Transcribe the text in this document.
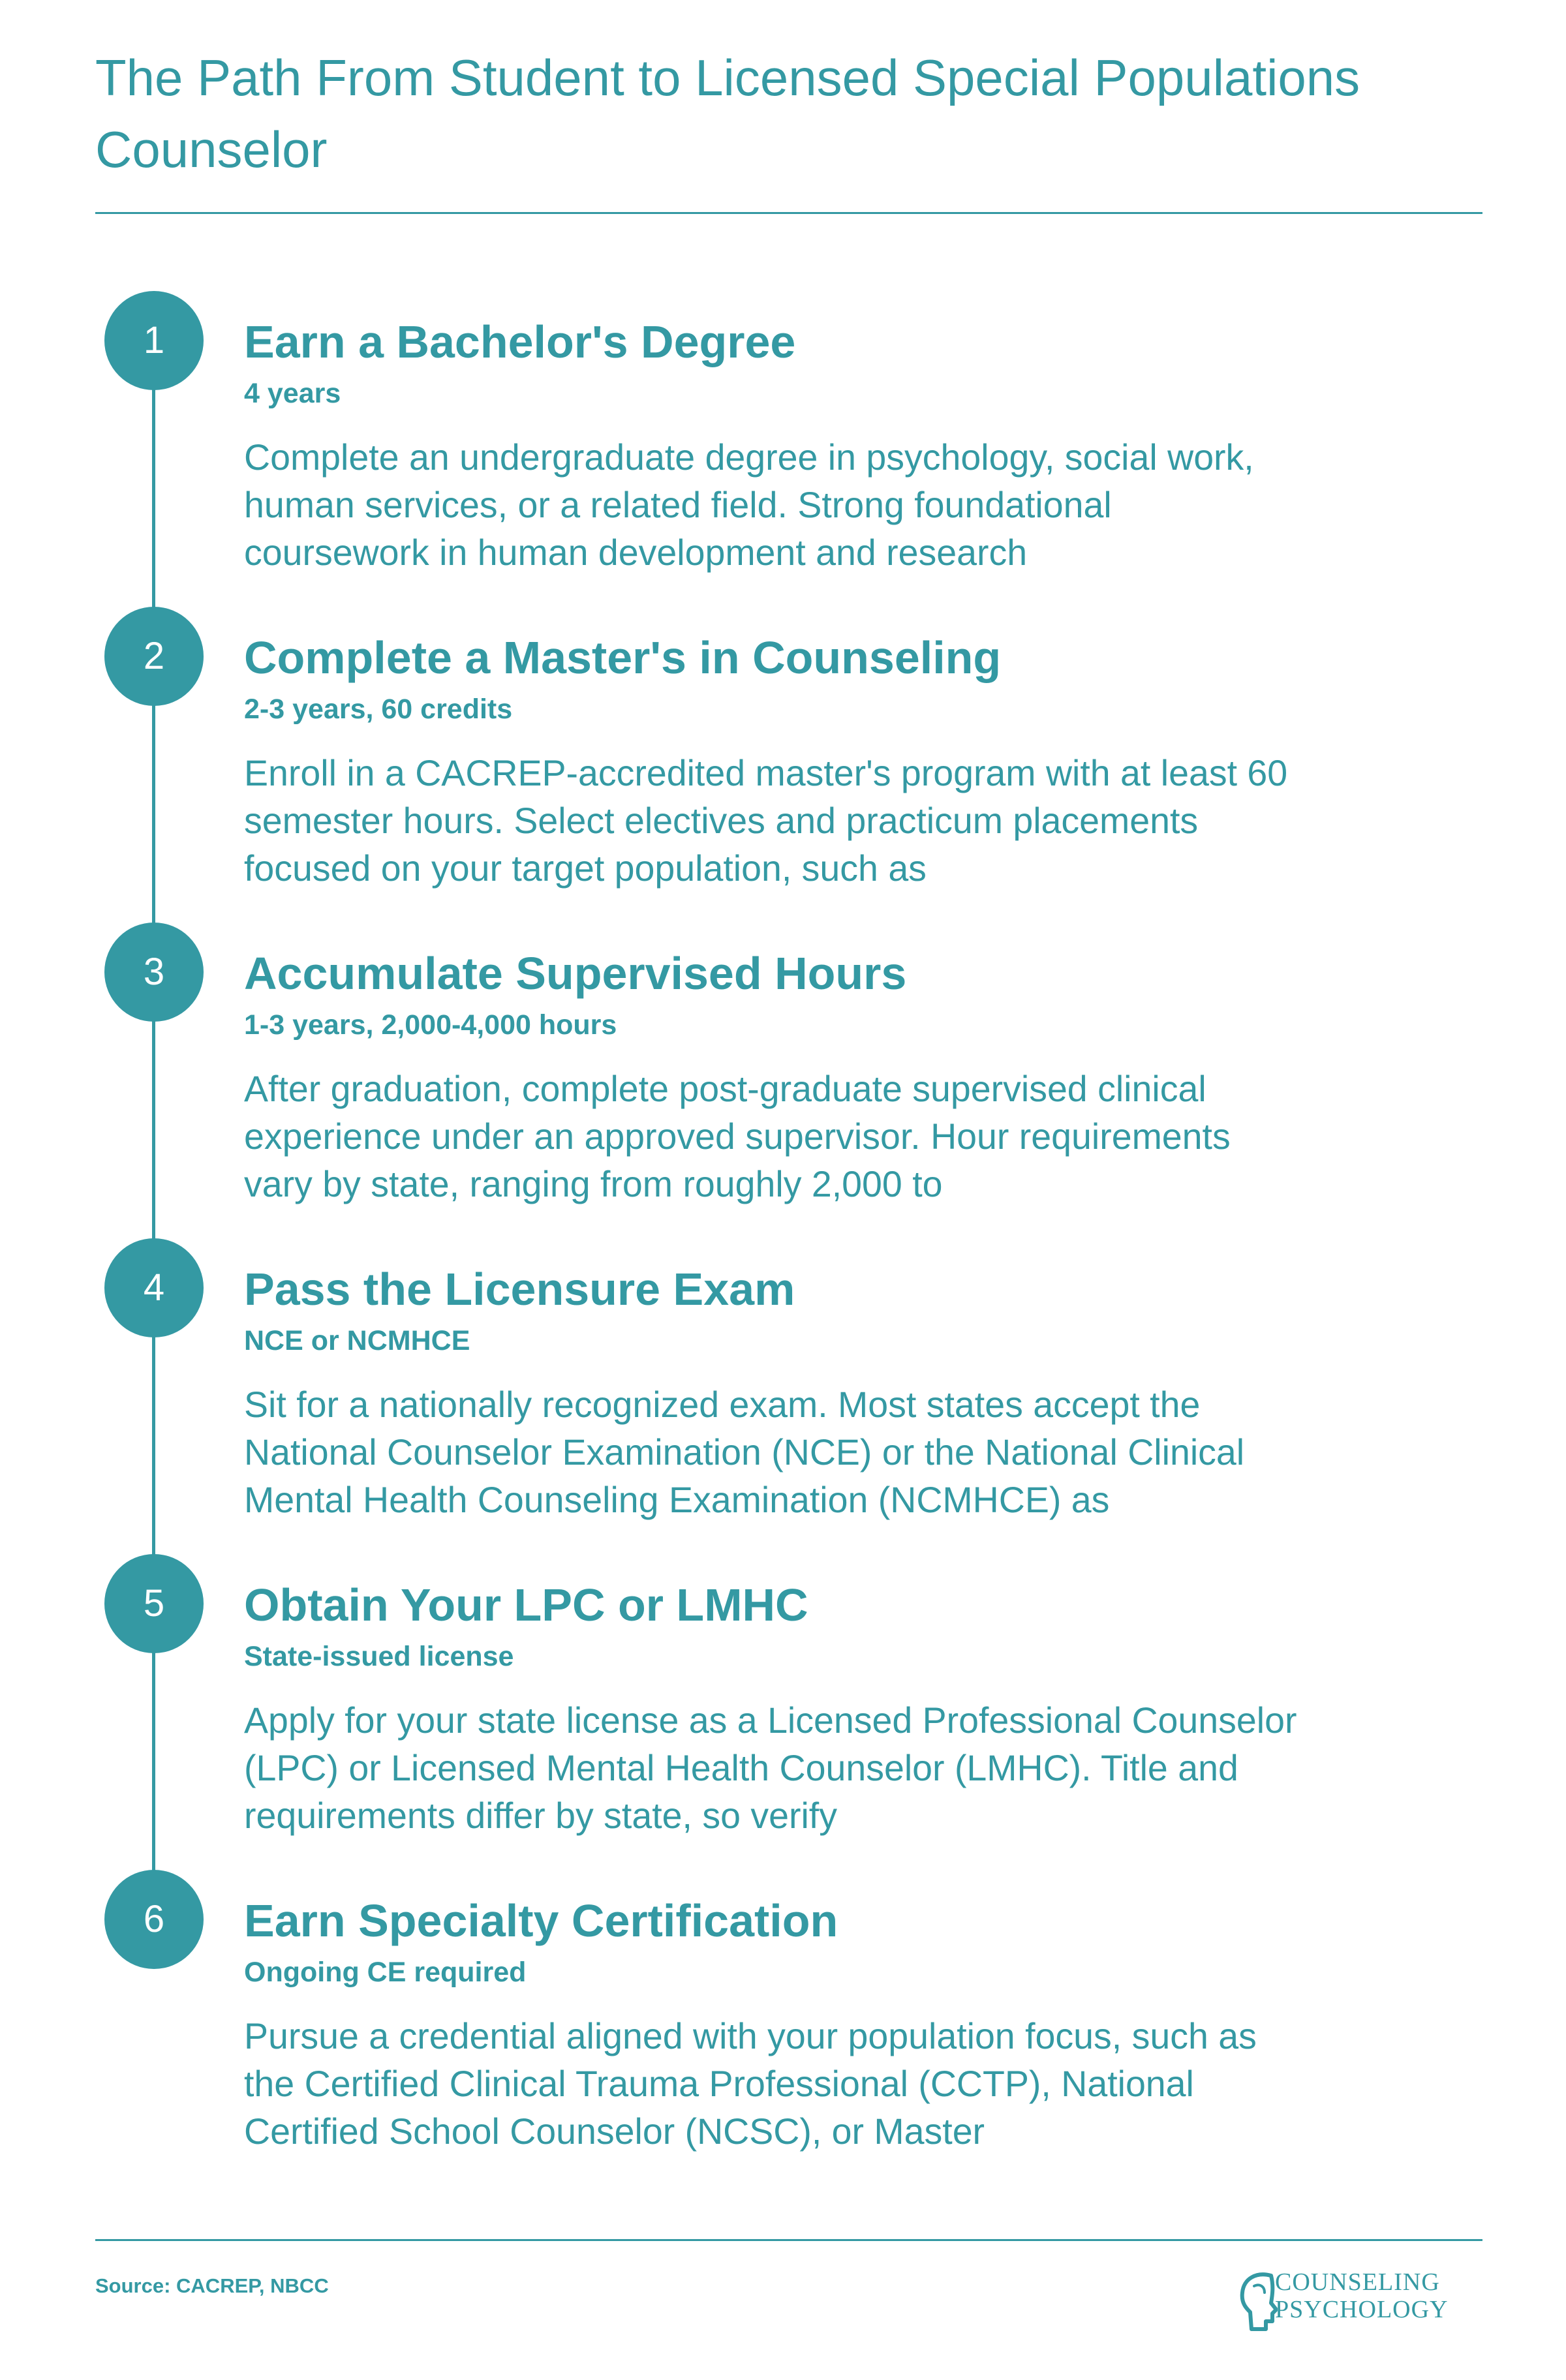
The Path From Student to Licensed Special Populations Counselor
1	Earn a Bachelor's Degree
4 years
Complete an undergraduate degree in psychology, social work, human services, or a related field. Strong foundational coursework in human development and research
2	Complete a Master's in Counseling
2-3 years, 60 credits
Enroll in a CACREP-accredited master's program with at least 60 semester hours. Select electives and practicum placements focused on your target population, such as
3	Accumulate Supervised Hours
1-3 years, 2,000-4,000 hours
After graduation, complete post-graduate supervised clinical experience under an approved supervisor. Hour requirements vary by state, ranging from roughly 2,000 to
4	Pass the Licensure Exam
NCE or NCMHCE
Sit for a nationally recognized exam. Most states accept the National Counselor Examination (NCE) or the National Clinical Mental Health Counseling Examination (NCMHCE) as
5	Obtain Your LPC or LMHC
State-issued license
Apply for your state license as a Licensed Professional Counselor (LPC) or Licensed Mental Health Counselor (LMHC). Title and requirements differ by state, so verify
6	Earn Specialty Certification
Ongoing CE required
Pursue a credential aligned with your population focus, such as the Certified Clinical Trauma Professional (CCTP), National Certified School Counselor (NCSC), or Master
Source: CACREP, NBCC	COUNSELING
PSYCHOLOGY
